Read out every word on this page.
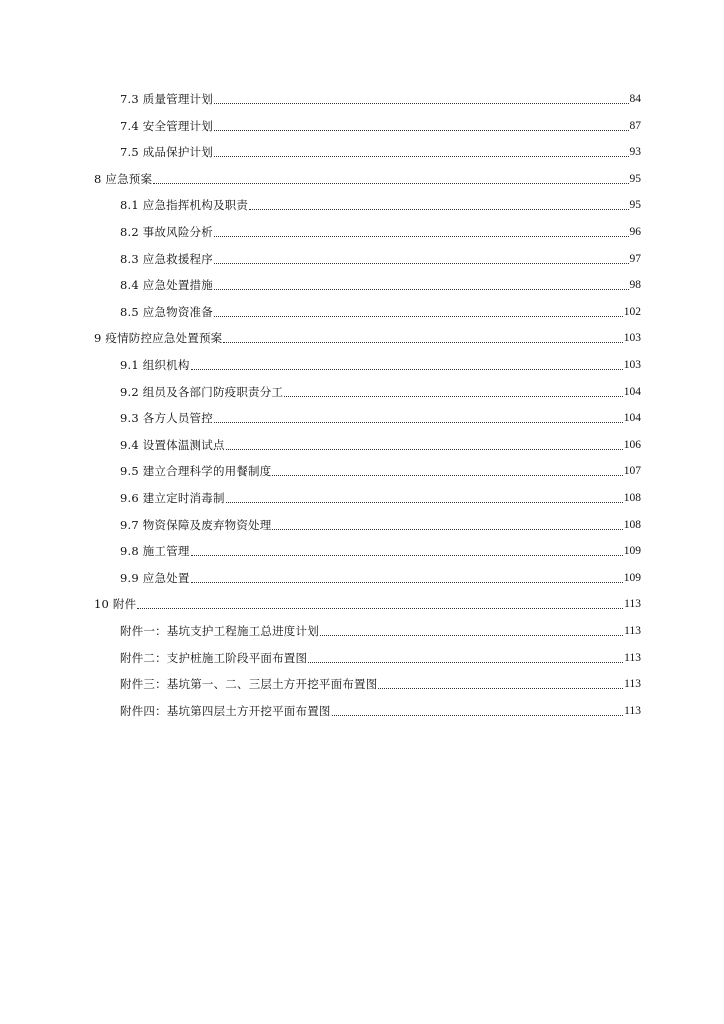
7.3 质量管理计划	84
7.4 安全管理计划	87
7.5 成品保护计划	93
8 应急预案	95
8.1 应急指挥机构及职责	95
8.2 事故风险分析	96
8.3 应急救援程序	97
8.4 应急处置措施	98
8.5 应急物资准备	102
9 疫情防控应急处置预案	103
9.1 组织机构	103
9.2 组员及各部门防疫职责分工	104
9.3 各方人员管控	104
9.4 设置体温测试点	106
9.5 建立合理科学的用餐制度	107
9.6 建立定时消毒制	108
9.7 物资保障及废弃物资处理	108
9.8 施工管理	109
9.9 应急处置	109
10 附件	113
附件一：基坑支护工程施工总进度计划	113
附件二：支护桩施工阶段平面布置图	113
附件三：基坑第一、二、三层土方开挖平面布置图	113
附件四：基坑第四层土方开挖平面布置图	113
